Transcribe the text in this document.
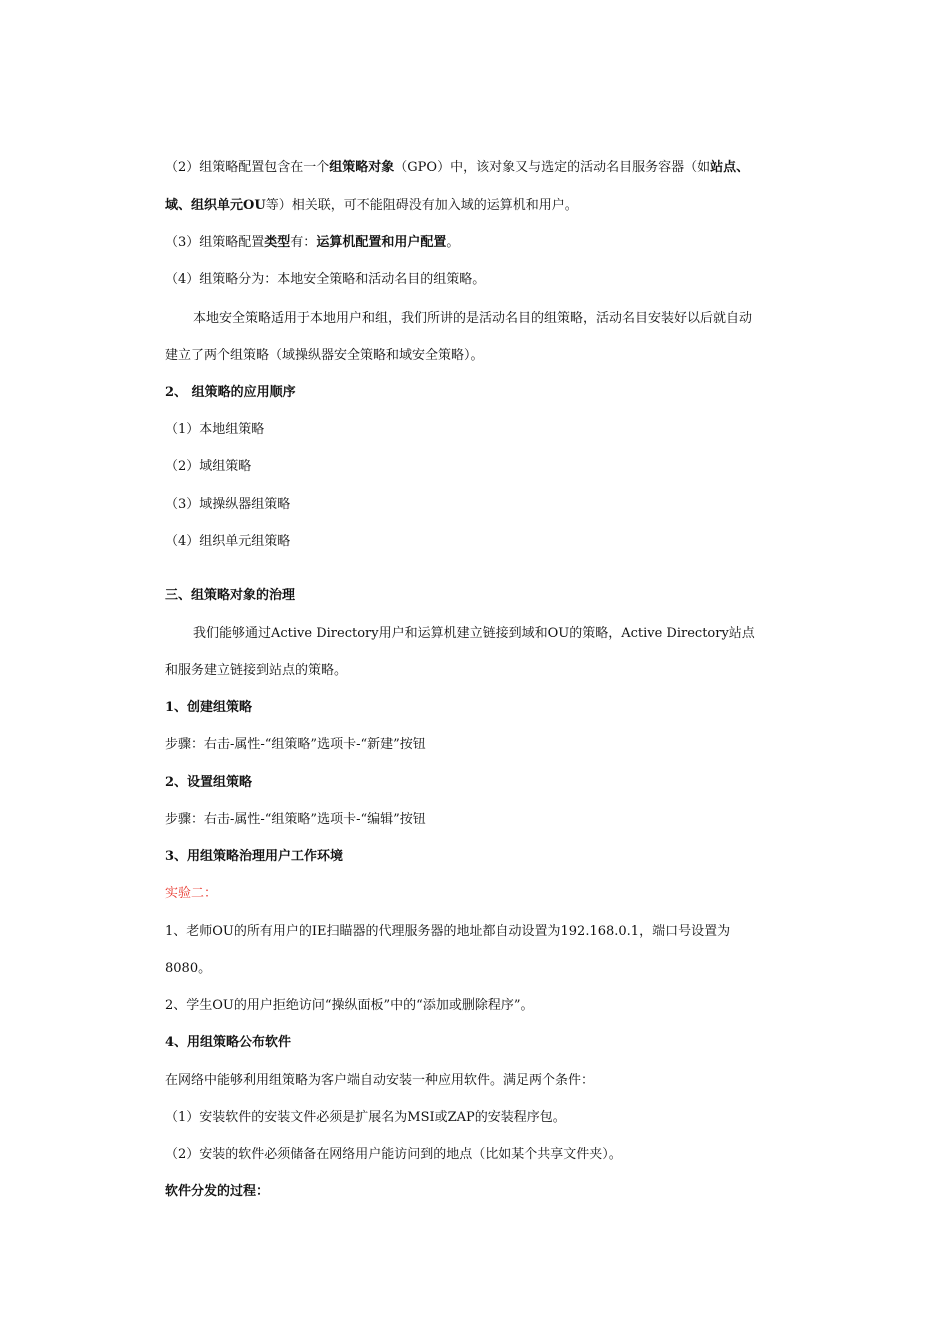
（2）组策略配置包含在一个组策略对象（GPO）中，该对象又与选定的活动名目服务容器（如站点、
域、组织单元OU等）相关联，可不能阻碍没有加入域的运算机和用户。
（3）组策略配置类型有：运算机配置和用户配置。
（4）组策略分为：本地安全策略和活动名目的组策略。
本地安全策略适用于本地用户和组，我们所讲的是活动名目的组策略，活动名目安装好以后就自动
建立了两个组策略（域操纵器安全策略和域安全策略）。
2、 组策略的应用顺序
（1）本地组策略
（2）域组策略
（3）域操纵器组策略
（4）组织单元组策略
三、组策略对象的治理
我们能够通过Active Directory用户和运算机建立链接到域和OU的策略，Active Directory站点
和服务建立链接到站点的策略。
1、创建组策略
步骤：右击-属性-“组策略”选项卡-“新建”按钮
2、设置组策略
步骤：右击-属性-“组策略”选项卡-“编辑”按钮
3、用组策略治理用户工作环境
实验二：
1、老师OU的所有用户的IE扫瞄器的代理服务器的地址都自动设置为192.168.0.1，端口号设置为
8080。
2、学生OU的用户拒绝访问“操纵面板”中的“添加或删除程序”。
4、用组策略公布软件
在网络中能够利用组策略为客户端自动安装一种应用软件。满足两个条件：
（1）安装软件的安装文件必须是扩展名为MSI或ZAP的安装程序包。
（2）安装的软件必须储备在网络用户能访问到的地点（比如某个共享文件夹）。
软件分发的过程：
